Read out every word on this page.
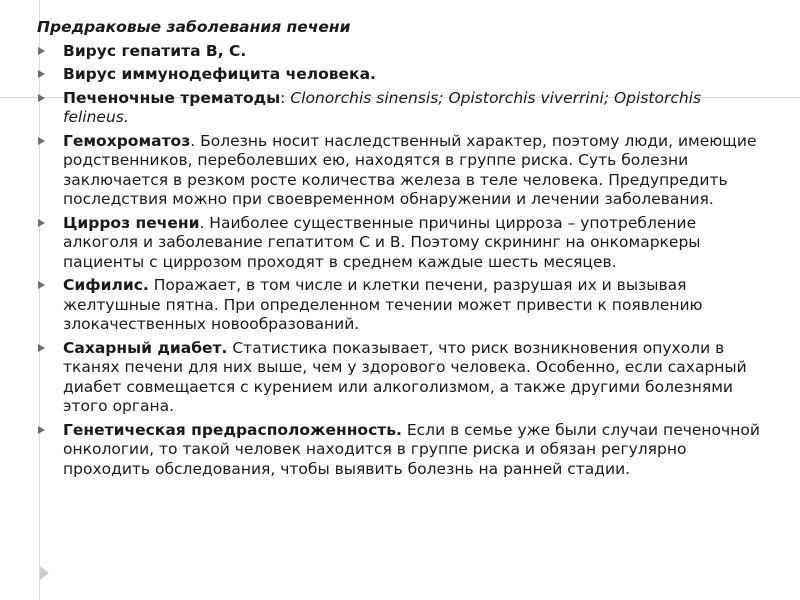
Предраковые заболевания печени
Вирус гепатита В, С.
Вирус иммунодефицита человека.
Печеночные трематоды: Clonorchis sinensis; Opistorchis viverrini; Opistorchis felineus.
Гемохроматоз. Болезнь носит наследственный характер, поэтому люди, имеющие родственников, переболевших ею, находятся в группе риска. Суть болезни заключается в резком росте количества железа в теле человека. Предупредить последствия можно при своевременном обнаружении и лечении заболевания.
Цирроз печени. Наиболее существенные причины цирроза – употребление алкоголя и заболевание гепатитом С и В. Поэтому скрининг на онкомаркеры пациенты с циррозом проходят в среднем каждые шесть месяцев.
Сифилис. Поражает, в том числе и клетки печени, разрушая их и вызывая желтушные пятна. При определенном течении может привести к появлению злокачественных новообразований.
Сахарный диабет. Статистика показывает, что риск возникновения опухоли в тканях печени для них выше, чем у здорового человека. Особенно, если сахарный диабет совмещается с курением или алкоголизмом, а также другими болезнями этого органа.
Генетическая предрасположенность. Если в семье уже были случаи печеночной онкологии, то такой человек находится в группе риска и обязан регулярно проходить обследования, чтобы выявить болезнь на ранней стадии.
